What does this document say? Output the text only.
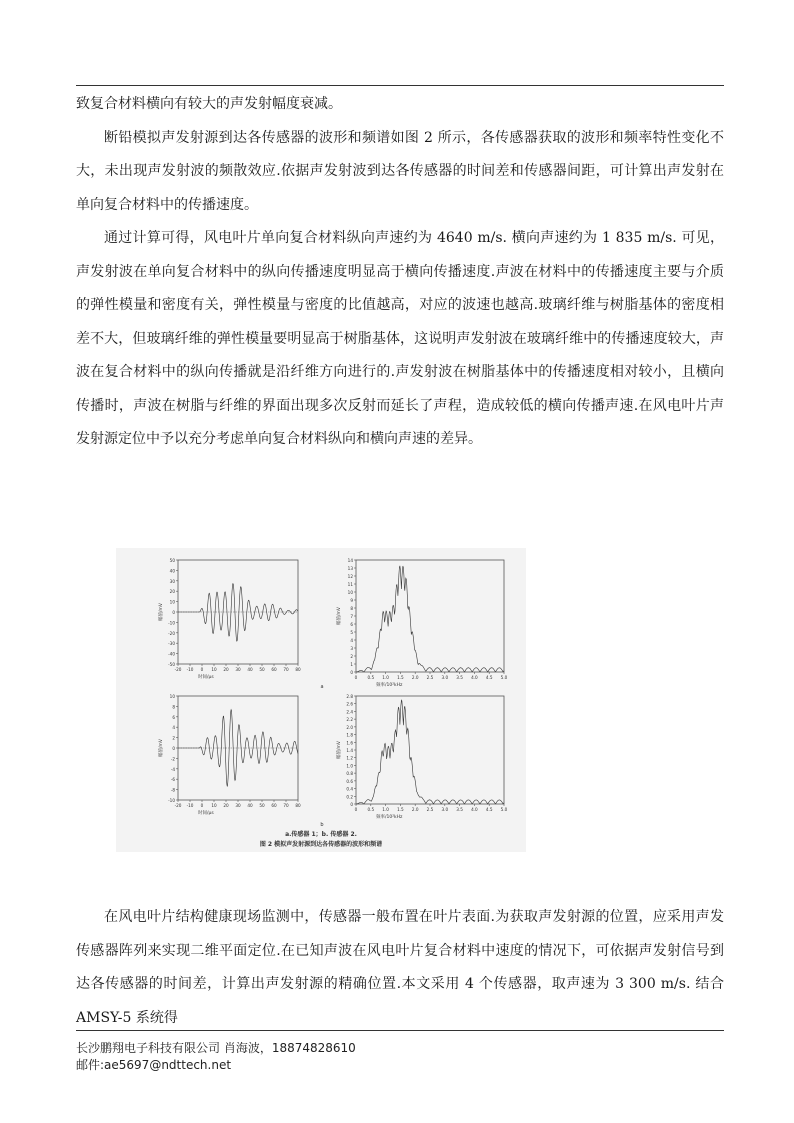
致复合材料横向有较大的声发射幅度衰减。

断铅模拟声发射源到达各传感器的波形和频谱如图 2 所示，各传感器获取的波形和频率特性变化不大，未出现声发射波的频散效应.依据声发射波到达各传感器的时间差和传感器间距，可计算出声发射在单向复合材料中的传播速度。

通过计算可得，风电叶片单向复合材料纵向声速约为 4640 m/s. 横向声速约为 1 835 m/s. 可见，声发射波在单向复合材料中的纵向传播速度明显高于横向传播速度.声波在材料中的传播速度主要与介质的弹性模量和密度有关，弹性模量与密度的比值越高，对应的波速也越高.玻璃纤维与树脂基体的密度相差不大，但玻璃纤维的弹性模量要明显高于树脂基体，这说明声发射波在玻璃纤维中的传播速度较大，声波在复合材料中的纵向传播就是沿纤维方向进行的.声发射波在树脂基体中的传播速度相对较小，且横向传播时，声波在树脂与纤维的界面出现多次反射而延长了声程，造成较低的横向传播声速.在风电叶片声发射源定位中予以充分考虑单向复合材料纵向和横向声速的差异。

50
40
30
20
10
0
-10
-20
-30
-40
-50
-20 -10 0 10 20 30 40 50 60 70 80
幅值/mV
时间/μs
14
13
12
11
10
9
8
7
6
5
4
3
2
1
0
0 0.5 1.0 1.5 2.0 2.5 3.0 3.5 4.0 4.5 5.0
幅值/mV
频率/10²kHz
10
8
6
4
2
0
-2
-4
-6
-8
-10
-20 -10 0 10 20 30 40 50 60 70 80
幅值/mV
时间/μs
2.8
2.6
2.4
2.2
2.0
1.8
1.6
1.4
1.2
1.0
0.8
0.6
0.4
0.2
0
0 0.5 1.0 1.5 2.0 2.5 3.0 3.5 4.0 4.5 5.0
幅值/mV
频率/10²kHz
a
b
a.传感器 1；b. 传感器 2.
图 2 模拟声发射源到达各传感器的波形和频谱

在风电叶片结构健康现场监测中，传感器一般布置在叶片表面.为获取声发射源的位置，应采用声发传感器阵列来实现二维平面定位.在已知声波在风电叶片复合材料中速度的情况下，可依据声发射信号到达各传感器的时间差，计算出声发射源的精确位置.本文采用 4 个传感器，取声速为 3 300 m/s. 结合 AMSY-5 系统得

长沙鹏翔电子科技有限公司 肖海波，18874828610
邮件:ae5697@ndttech.net
